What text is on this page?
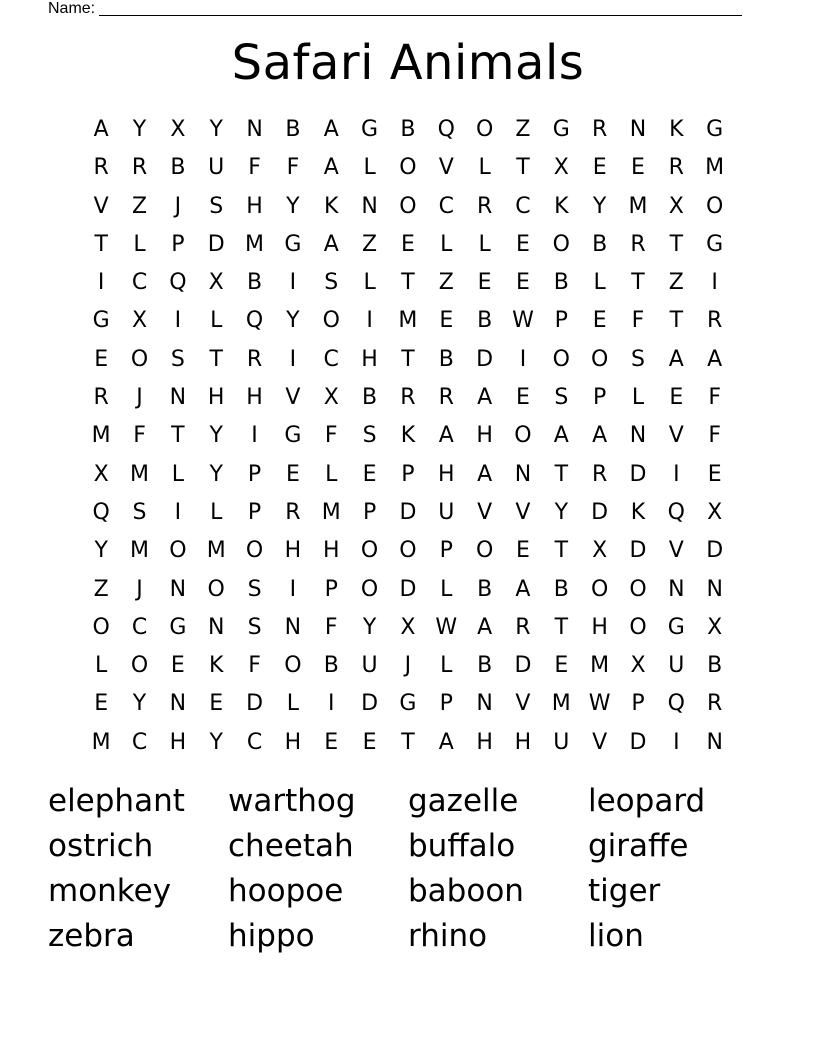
Name:
Safari Animals
A	Y	X	Y	N	B	A	G	B	Q O	Z	G	R	N	K	G
R	R	B	U	F	F	A	L	O	V	L	T	X	E	E	R M
V	Z	J	S	H	Y	K	N O	C	R	C	K	Y	M X	O
T	L	P	D M G	A	Z	E	L	L	E	O	B	R	T	G
I	C Q	X	B	I	S	L	T	Z	E	E	B	L	T	Z	I
G	X	I	L	Q	Y	O	I	M E	B W P	E	F	T	R
E	O	S	T	R	I	C	H	T	B	D	I	O O	S	A	A
R	J	N H H	V	X	B	R	R	A	E	S	P	L	E	F
M	F	T	Y	I	G	F	S	K	A	H O	A	A	N	V	F
X M	L	Y	P	E	L	E	P	H	A	N	T	R	D	I	E
Q	S	I	L	P	R M	P	D U	V	V	Y	D	K	Q	X
Y	M O M O H H O O	P	O	E	T	X	D	V	D
Z	J	N O	S	I	P	O D	L	B	A	B	O O N N
O	C	G N	S	N	F	Y	X W A	R	T	H O G	X
L	O	E	K	F	O	B	U	J	L	B	D	E M X	U	B
E	Y	N	E	D	L	I	D G	P	N	V M W P	Q	R
M C	H	Y	C	H	E	E	T	A	H H	U	V	D	I	N
elephant	warthog	gazelle	leopard
ostrich	cheetah	buffalo	giraffe
monkey	hoopoe	baboon	tiger
zebra	hippo	rhino	lion
